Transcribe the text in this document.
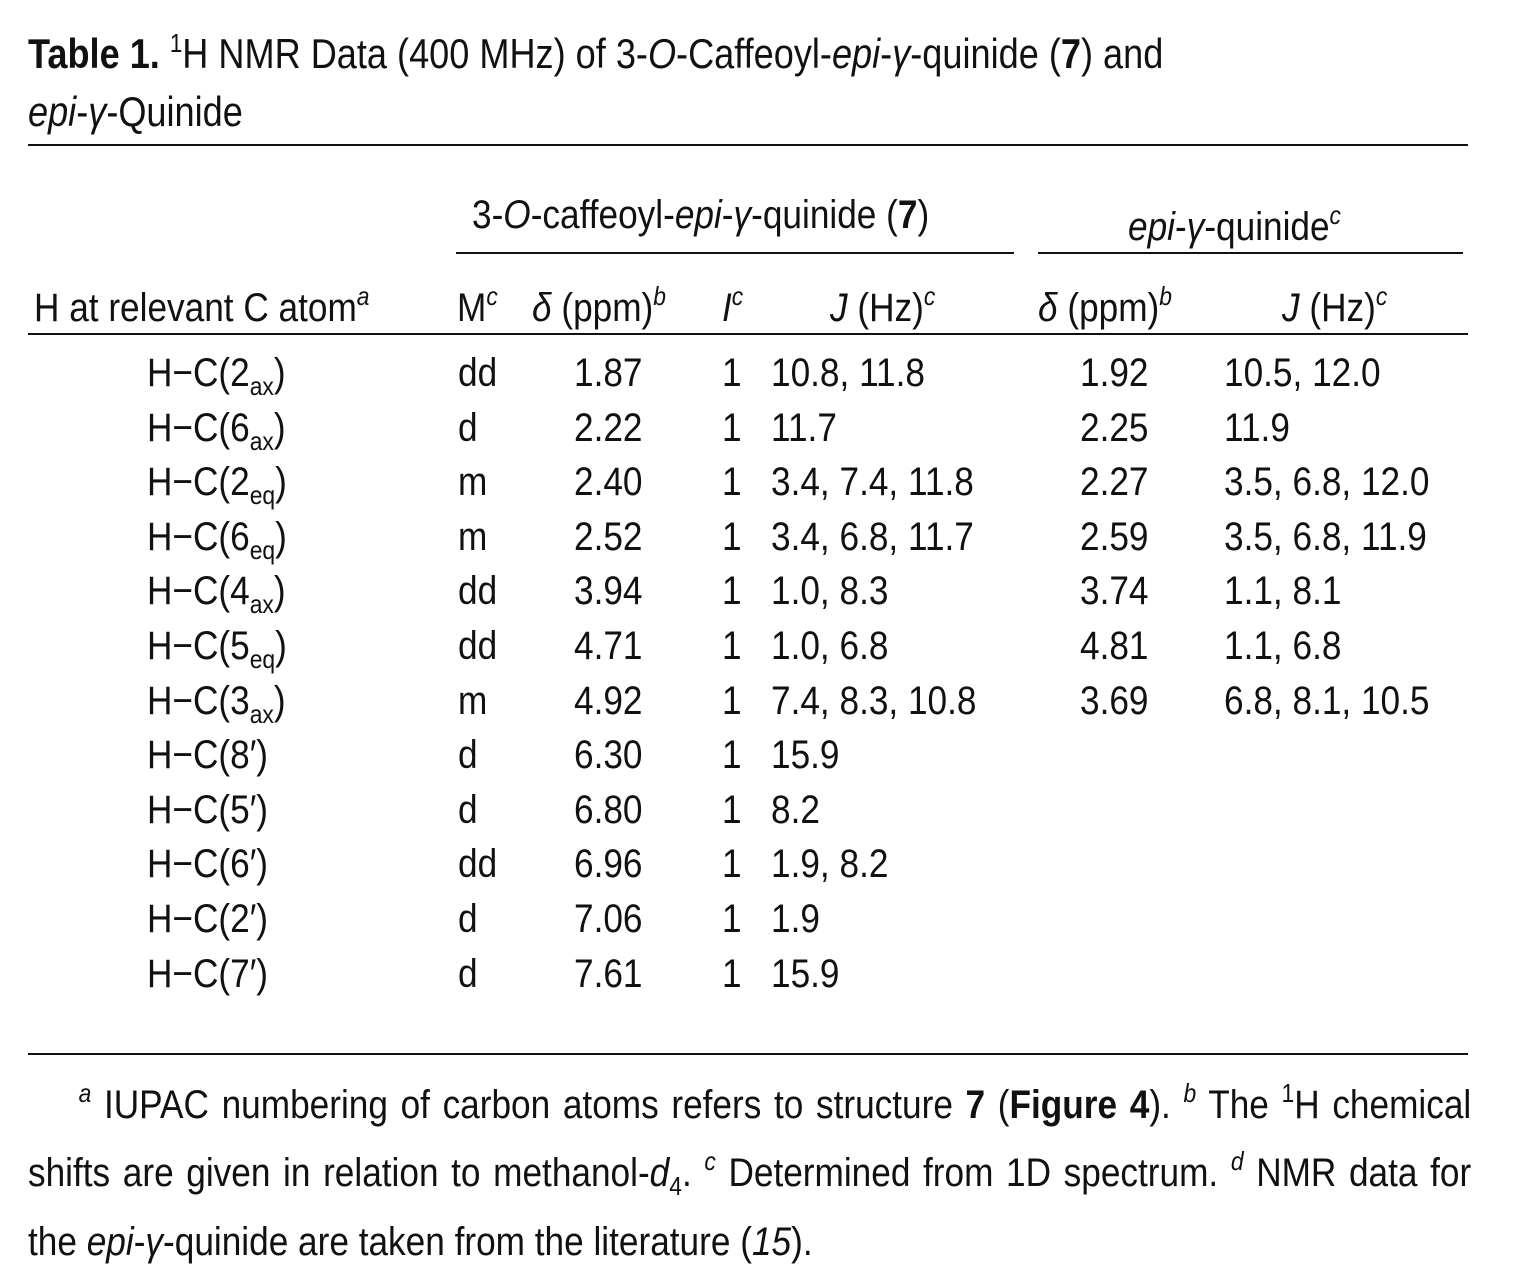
Table 1. $^1$H NMR Data (400 MHz) of 3-O-Caffeoyl-epi-γ-quinide (7) and
epi-γ-Quinide
3-O-caffeoyl-epi-γ-quinide (7)	epi-γ-quinide$^c$
H at relevant C atom$^a$ $M^c$ δ (ppm)$^b$ $I^c$ J $(Hz)^c$	δ (ppm)$^b$	J $(Hz)^c$
$H-C(2_{ax})$	dd 1.87 1 10.8, 11.8	1.92 10.5, 12.0
$H-C(6_{ax})$	d 2.22 1 11.7	2.25 11.9
$H-C(2_{eq})$	m 2.40 1 3.4, 7.4, 11.8	2.27 3.5, 6.8, 12.0
$H-C(6_{eq})$	m 2.52 1 3.4, 6.8, 11.7	2.59 3.5, 6.8, 11.9
$H-C(4_{ax})$	dd 3.94 1 1.0, 8.3	3.74 1.1, 8.1
$H-C(5_{eq})$	dd 4.71 1 1.0, 6.8	4.81 1.1, 6.8
$H-C(3_{ax})$	m 4.92 1 7.4, 8.3, 10.8	3.69 6.8, 8.1, 10.5
H−C(8′)	d 6.30 1 15.9
H−C(5′)	d 6.80 1 8.2
H−C(6′)	dd 6.96 1 1.9, 8.2
H−C(2′)	d 7.06 1 1.9
H−C(7′)	d 7.61 1 15.9
$^a$ IUPAC numbering of carbon atoms refers to structure 7 (Figure 4). $^b$ The $^1$H chemical shifts are given in relation to methanol-$d_4$. $^c$ Determined from 1D spectrum. $^d$ NMR data for the epi-γ-quinide are taken from the literature (15).
